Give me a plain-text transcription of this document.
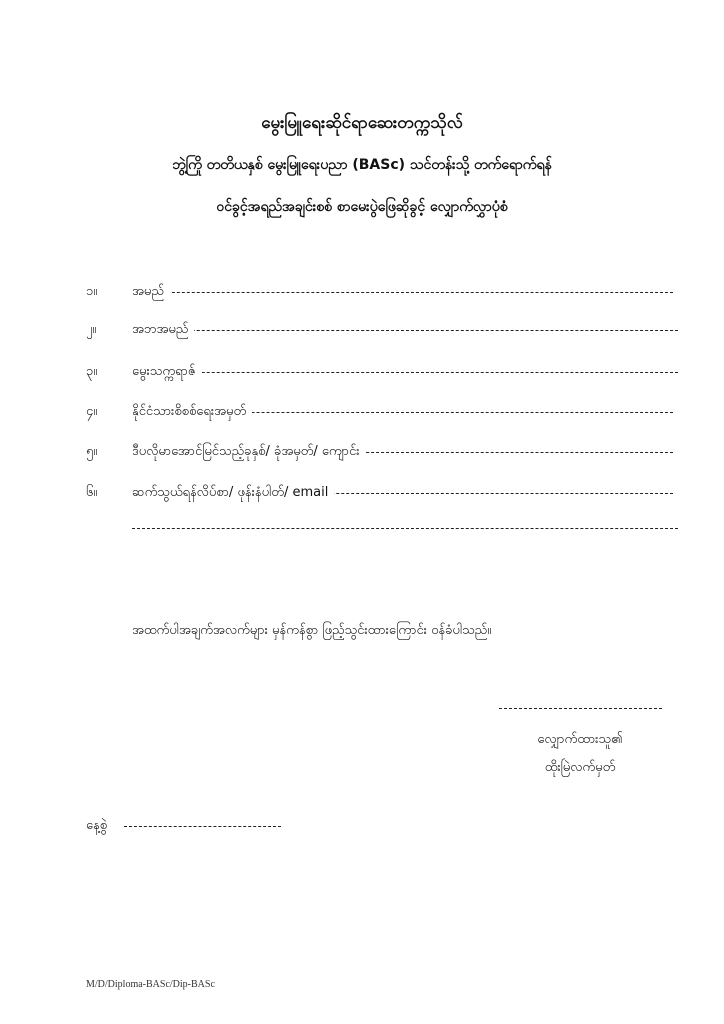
မွေးမြူရေးဆိုင်ရာဆေးတက္ကသိုလ်
ဘွဲ့ကြို တတိယနှစ် မွေးမြူရေးပညာ (BASc) သင်တန်းသို့ တက်ရောက်ရန်
ဝင်ခွင့်အရည်အချင်းစစ် စာမေးပွဲဖြေဆိုခွင့် လျှောက်လွှာပုံစံ
၁။	အမည်
၂။	အဘအမည်
၃။	မွေးသက္ကရာဇ်
၄။	နိုင်ငံသားစိစစ်ရေးအမှတ်
၅။	ဒီပလိုမာအောင်မြင်သည့်ခုနှစ်/ ခုံအမှတ်/ ကျောင်း
၆။	ဆက်သွယ်ရန်လိပ်စာ/ ဖုန်းနံပါတ်/ email
အထက်ပါအချက်အလက်များ မှန်ကန်စွာ ဖြည့်သွင်းထားကြောင်း ဝန်ခံပါသည်။
လျှောက်ထားသူ၏
ထိုးမြဲလက်မှတ်
နေ့စွဲ
M/D/Diploma-BASc/Dip-BASc
